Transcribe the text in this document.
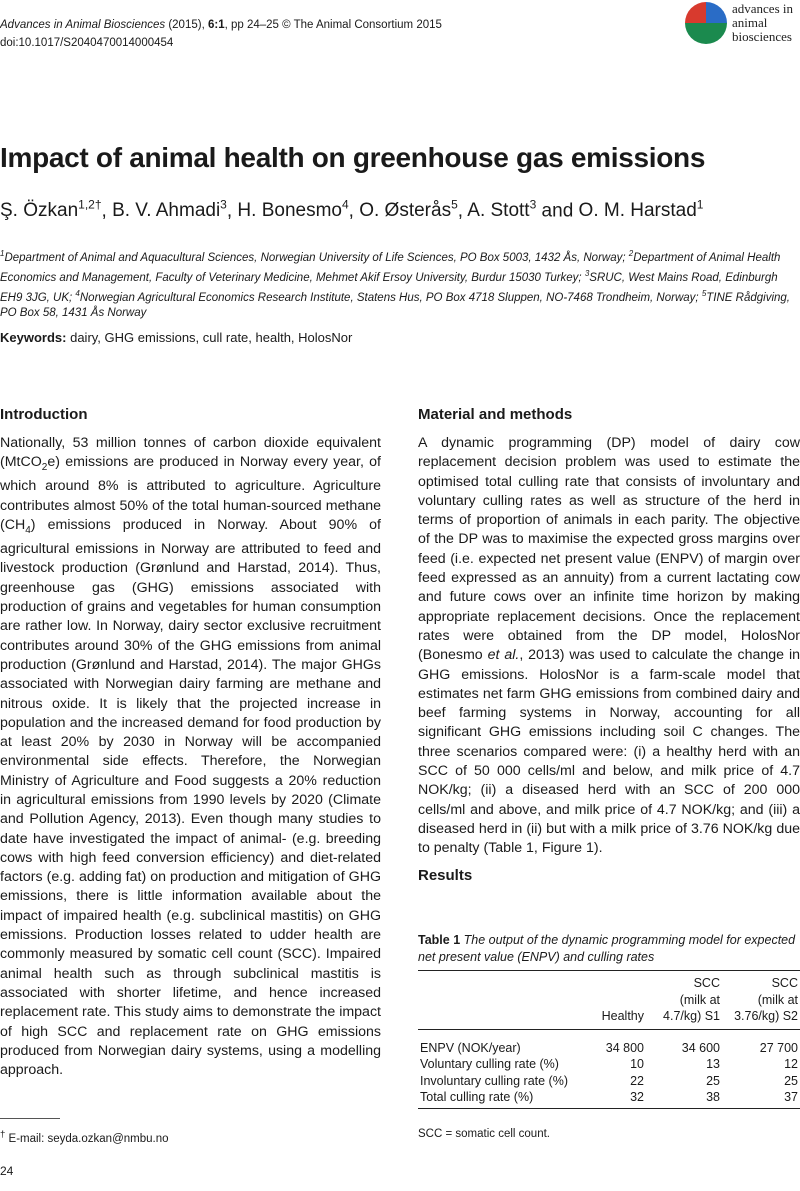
Advances in Animal Biosciences (2015), 6:1, pp 24–25 © The Animal Consortium 2015
doi:10.1017/S2040470014000454
advances in
animal
biosciences
Impact of animal health on greenhouse gas emissions
Ş. Özkan$^{1,2\dagger}$, B. V. Ahmadi$^3$, H. Bonesmo$^4$, O. Østerås$^5$, A. Stott$^3$ and O. M. Harstad$^1$
$^1$Department of Animal and Aquacultural Sciences, Norwegian University of Life Sciences, PO Box 5003, 1432 Ås, Norway; $^2$Department of Animal Health Economics and Management, Faculty of Veterinary Medicine, Mehmet Akif Ersoy University, Burdur 15030 Turkey; $^3$SRUC, West Mains Road, Edinburgh EH9 3JG, UK; $^4$Norwegian Agricultural Economics Research Institute, Statens Hus, PO Box 4718 Sluppen, NO-7468 Trondheim, Norway; $^5$TINE Rådgiving, PO Box 58, 1431 Ås Norway
Keywords: dairy, GHG emissions, cull rate, health, HolosNor
Introduction
Nationally, 53 million tonnes of carbon dioxide equivalent (MtCO$_2$e) emissions are produced in Norway every year, of which around 8% is attributed to agriculture. Agriculture contributes almost 50% of the total human-sourced methane $(CH_4)$ emissions produced in Norway. About 90% of agricultural emissions in Norway are attributed to feed and livestock production (Grønlund and Harstad, 2014). Thus, greenhouse gas (GHG) emissions associated with production of grains and vegetables for human consumption are rather low. In Norway, dairy sector exclusive recruitment contributes around 30% of the GHG emissions from animal production (Grønlund and Harstad, 2014). The major GHGs associated with Norwegian dairy farming are methane and nitrous oxide. It is likely that the projected increase in population and the increased demand for food production by at least 20% by 2030 in Norway will be accompanied environmental side effects. Therefore, the Norwegian Ministry of Agriculture and Food suggests a 20% reduction in agricultural emissions from 1990 levels by 2020 (Climate and Pollution Agency, 2013). Even though many studies to date have investigated the impact of animal- (e.g. breeding cows with high feed conversion efficiency) and diet-related factors (e.g. adding fat) on production and mitigation of GHG emissions, there is little information available about the impact of impaired health (e.g. subclinical mastitis) on GHG emissions. Production losses related to udder health are commonly measured by somatic cell count (SCC). Impaired animal health such as through subclinical mastitis is associated with shorter lifetime, and hence increased replacement rate. This study aims to demonstrate the impact of high SCC and replacement rate on GHG emissions produced from Norwegian dairy systems, using a modelling approach.
Material and methods
A dynamic programming (DP) model of dairy cow replacement decision problem was used to estimate the optimised total culling rate that consists of involuntary and voluntary culling rates as well as structure of the herd in terms of proportion of animals in each parity. The objective of the DP was to maximise the expected gross margins over feed (i.e. expected net present value (ENPV) of margin over feed expressed as an annuity) from a current lactating cow and future cows over an infinite time horizon by making appropriate replacement decisions. Once the replacement rates were obtained from the DP model, HolosNor (Bonesmo et al., 2013) was used to calculate the change in GHG emissions. HolosNor is a farm-scale model that estimates net farm GHG emissions from combined dairy and beef farming systems in Norway, accounting for all significant GHG emissions including soil C changes. The three scenarios compared were: (i) a healthy herd with an SCC of 50 000 cells/ml and below, and milk price of 4.7 NOK/kg; (ii) a diseased herd with an SCC of 200 000 cells/ml and above, and milk price of 4.7 NOK/kg; and (iii) a diseased herd in (ii) but with a milk price of 3.76 NOK/kg due to penalty (Table 1, Figure 1).
Results
Table 1 The output of the dynamic programming model for expected net present value (ENPV) and culling rates
		SCC	SCC
		(milk at	(milk at
	Healthy	4.7/kg) S1	3.76/kg) S2
ENPV (NOK/year)	34 800	34 600	27 700
Voluntary culling rate (%)	10	13	12
Involuntary culling rate (%)	22	25	25
Total culling rate (%)	32	38	37
SCC = somatic cell count.
† E-mail: seyda.ozkan@nmbu.no
24
